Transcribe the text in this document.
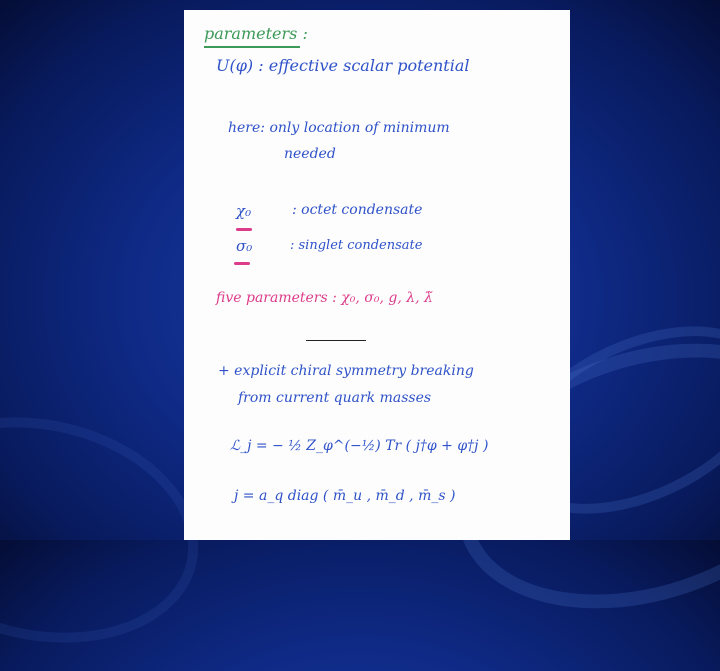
parameters :
U(φ) : effective scalar potential
here: only location of minimum
needed
χ₀	: octet condensate
σ₀	: singlet condensate
five parameters : χ₀, σ₀, g, λ, λ̃
+ explicit chiral symmetry breaking
from current quark masses
ℒ_j = − ½ Z_φ^(−½) Tr ( j†φ + φ†j )
j = a_q diag ( m̄_u , m̄_d , m̄_s )
